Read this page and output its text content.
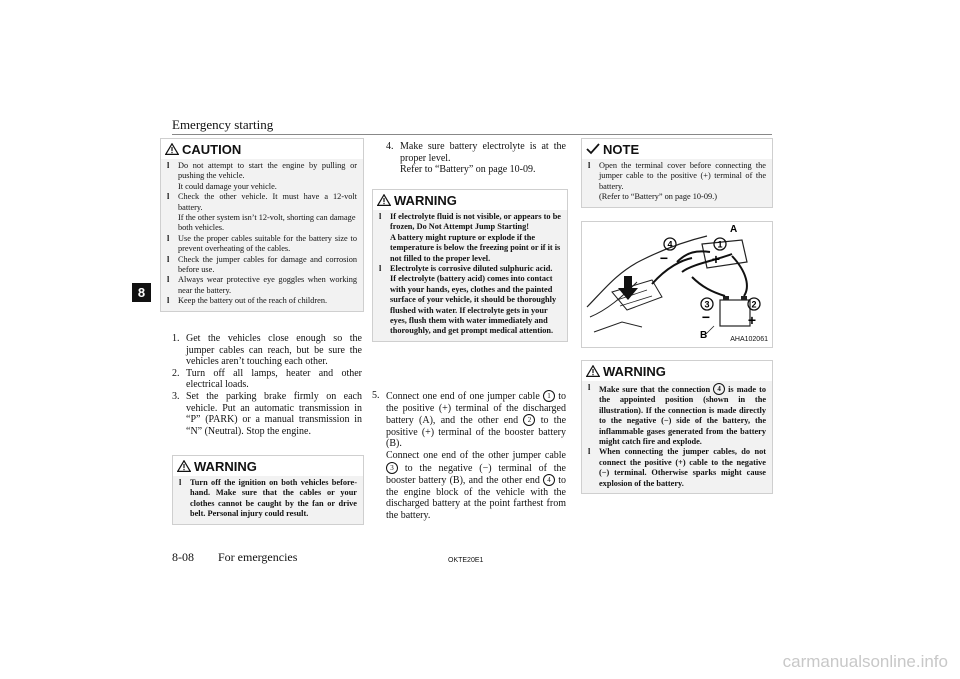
Emergency starting
8
CAUTION
l Do not attempt to start the engine by pulling or pushing the vehicle.
It could damage your vehicle.
l Check the other vehicle. It must have a 12-volt battery.
If the other system isn’t 12-volt, shorting can damage both vehicles.
l Use the proper cables suitable for the battery size to prevent overheating of the cables.
l Check the jumper cables for damage and corrosion before use.
l Always wear protective eye goggles when working near the battery.
l Keep the battery out of the reach of children.
1. Get the vehicles close enough so the jumper cables can reach, but be sure the vehicles aren’t touching each other.

2. Turn off all lamps, heater and other electrical loads.

3. Set the parking brake firmly on each vehicle. Put an automatic transmission in “P” (PARK) or a manual transmission in “N” (Neutral). Stop the engine.

WARNING
l Turn off the ignition on both vehicles before-hand. Make sure that the cables or your clothes cannot be caught by the fan or drive belt. Personal injury could result.
4. Make sure battery electrolyte is at the proper level.

Refer to “Battery” on page 10-09.

WARNING
l If electrolyte fluid is not visible, or appears to be frozen, Do Not Attempt Jump Starting!
A battery might rupture or explode if the temperature is below the freezing point or if it is not filled to the proper level.
l Electrolyte is corrosive diluted sulphuric acid.
If electrolyte (battery acid) comes into contact with your hands, eyes, clothes and the painted surface of your vehicle, it should be thoroughly flushed with water. If electrolyte gets in your eyes, flush them with water immediately and thoroughly, and get prompt medical attention.
5. Connect one end of one jumper cable 1 to the positive (+) terminal of the discharged battery (A), and the other end 2 to the positive (+) terminal of the booster battery (B).

Connect one end of the other jumper cable 3 to the negative (−) terminal of the booster battery (B), and the other end 4 to the engine block of the vehicle with the discharged battery at the point farthest from the battery.

NOTE
l Open the terminal cover before connecting the jumper cable to the positive (+) terminal of the battery.
(Refer to “Battery” on page 10-09.)
4	1
3	2
A
B
+
+
−
−
AHA102061
WARNING
l Make sure that the connection 4 is made to the appointed position (shown in the illustration). If the connection is made directly to the negative (−) side of the battery, the inflammable gases generated from the battery might catch fire and explode.
l When connecting the jumper cables, do not connect the positive (+) cable to the negative (−) terminal. Otherwise sparks might cause explosion of the battery.
8-08 For emergencies	OKTE20E1
carmanualsonline.info
